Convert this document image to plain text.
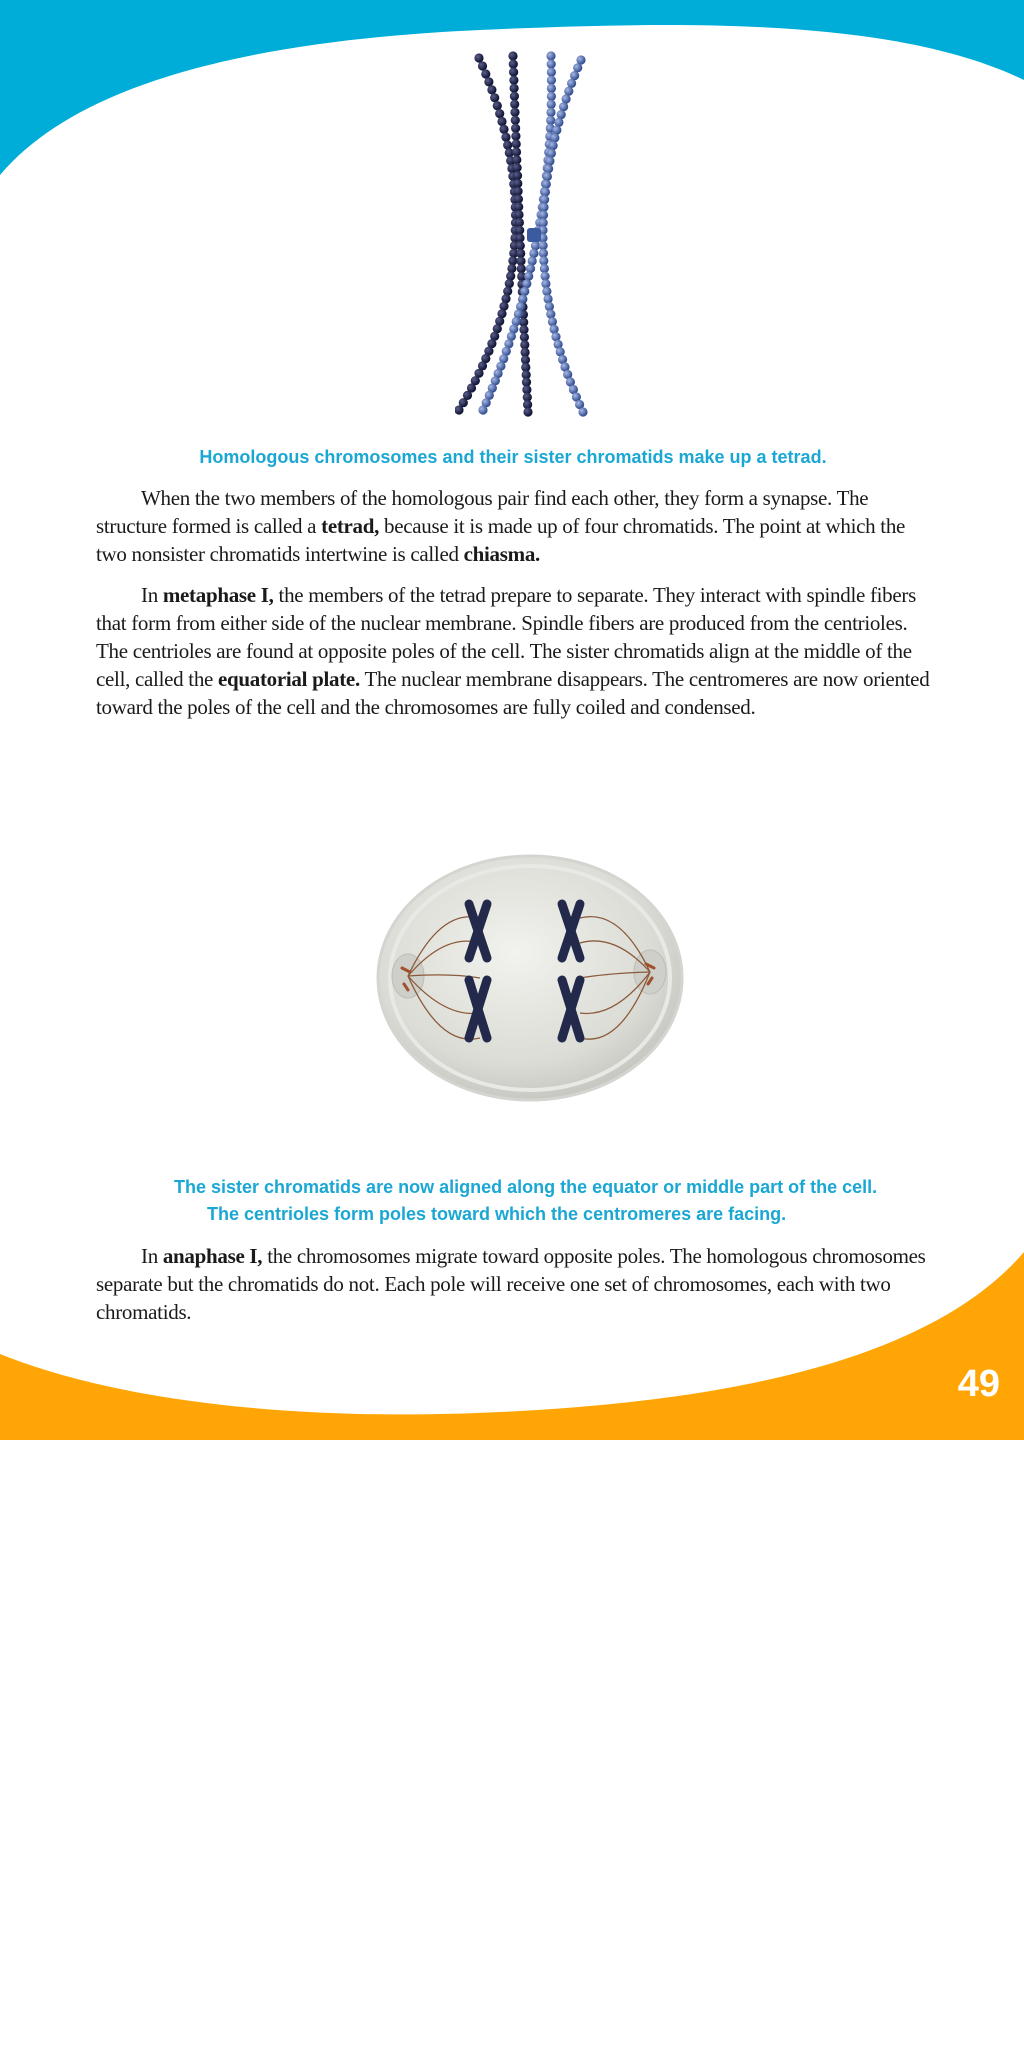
Homologous chromosomes and their sister chromatids make up a tetrad.

When the two members of the homologous pair find each other, they form a synapse. The structure formed is called a tetrad, because it is made up of four chromatids. The point at which the two nonsister chromatids intertwine is called chiasma.

In metaphase I, the members of the tetrad prepare to separate. They interact with spindle fibers that form from either side of the nuclear membrane. Spindle fibers are produced from the centrioles. The centrioles are found at opposite poles of the cell. The sister chromatids align at the middle of the cell, called the equatorial plate. The nuclear membrane disappears. The centromeres are now oriented toward the poles of the cell and the chromosomes are fully coiled and condensed.

The sister chromatids are now aligned along the equator or middle part of the cell.
The centrioles form poles toward which the centromeres are facing.

In anaphase I, the chromosomes migrate toward opposite poles. The homologous chromosomes separate but the chromatids do not. Each pole will receive one set of chromosomes, each with two chromatids.

49
